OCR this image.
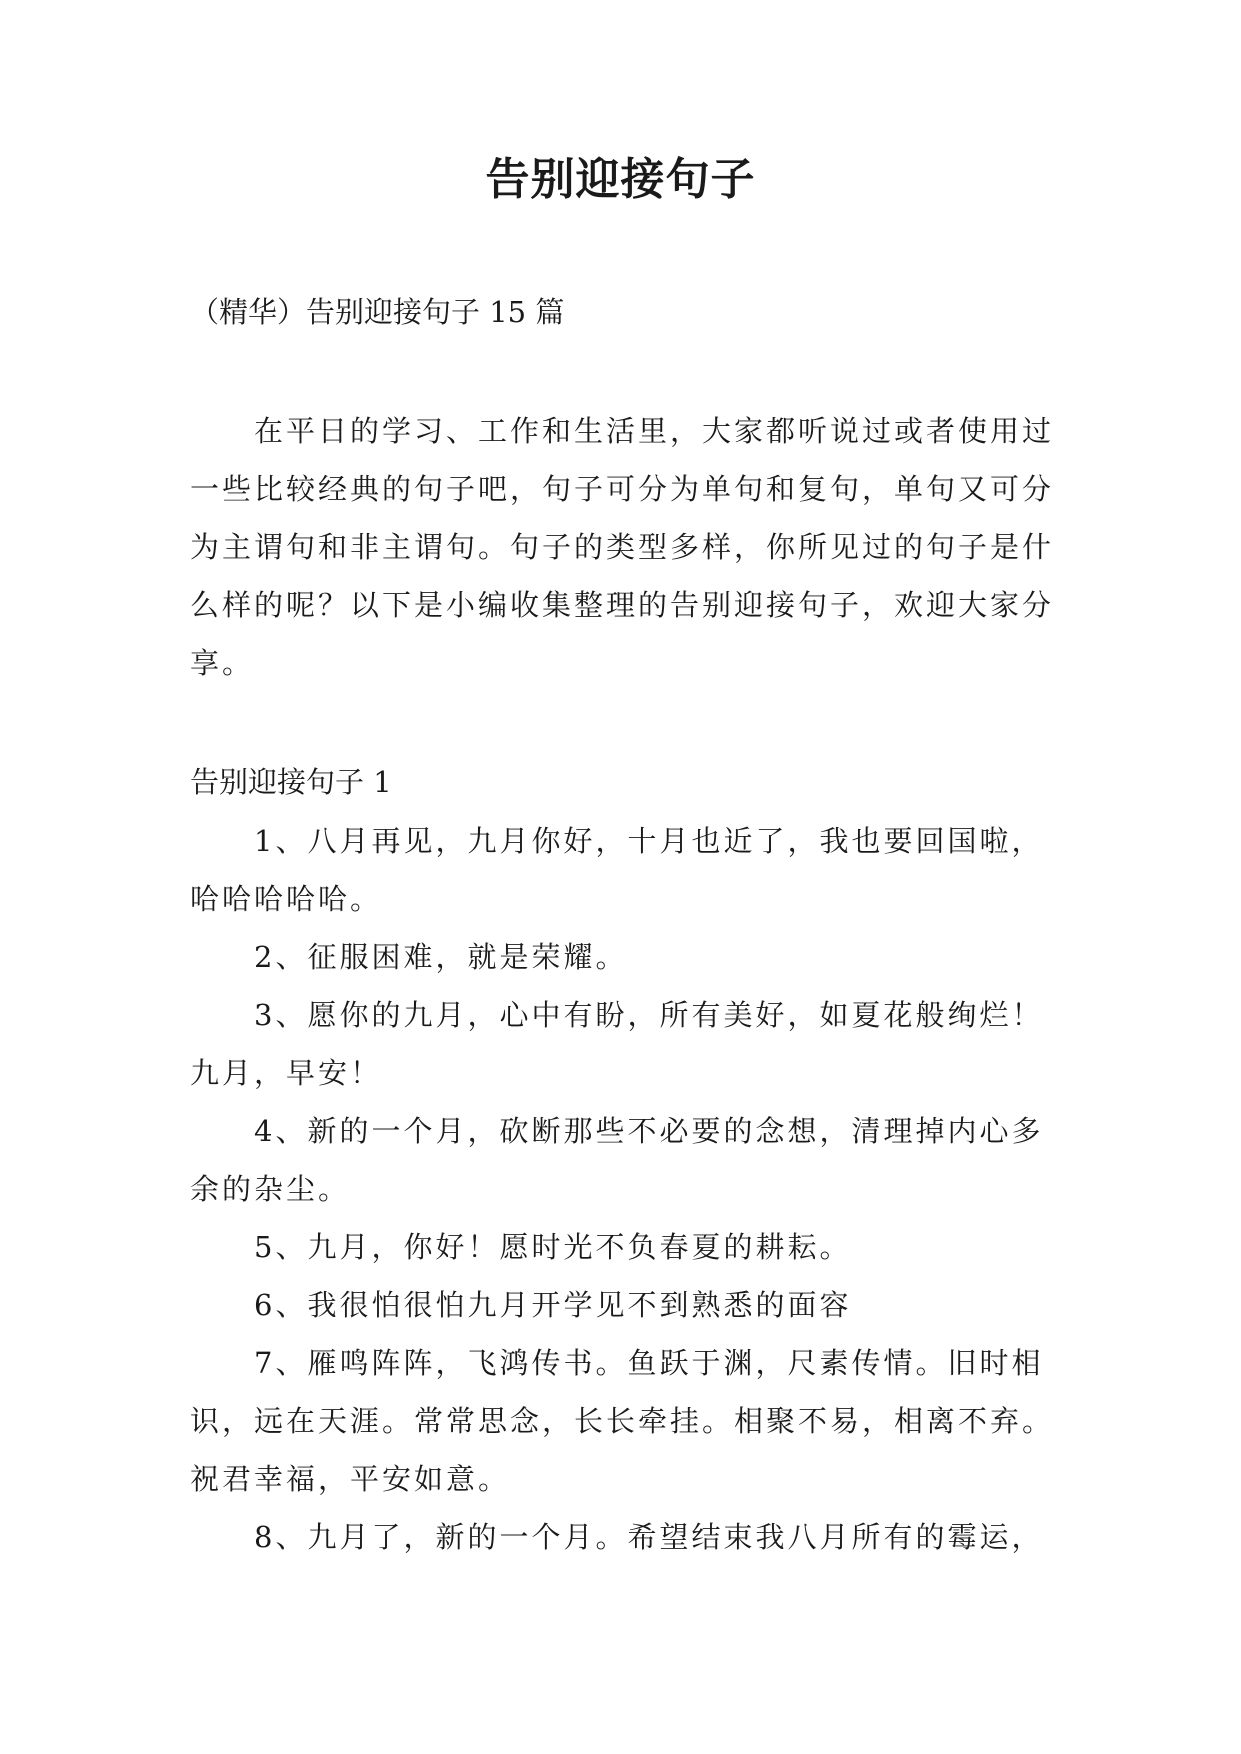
告别迎接句子

（精华）告别迎接句子 15 篇

在平日的学习、工作和生活里，大家都听说过或者使用过一些比较经典的句子吧，句子可分为单句和复句，单句又可分为主谓句和非主谓句。句子的类型多样，你所见过的句子是什么样的呢？以下是小编收集整理的告别迎接句子，欢迎大家分享。

告别迎接句子 1

1、八月再见，九月你好，十月也近了，我也要回国啦，哈哈哈哈哈。
2、征服困难，就是荣耀。
3、愿你的九月，心中有盼，所有美好，如夏花般绚烂！九月，早安！
4、新的一个月，砍断那些不必要的念想，清理掉内心多余的杂尘。
5、九月，你好！愿时光不负春夏的耕耘。
6、我很怕很怕九月开学见不到熟悉的面容
7、雁鸣阵阵，飞鸿传书。鱼跃于渊，尺素传情。旧时相识，远在天涯。常常思念，长长牵挂。相聚不易，相离不弃。祝君幸福，平安如意。
8、九月了，新的一个月。希望结束我八月所有的霉运，
